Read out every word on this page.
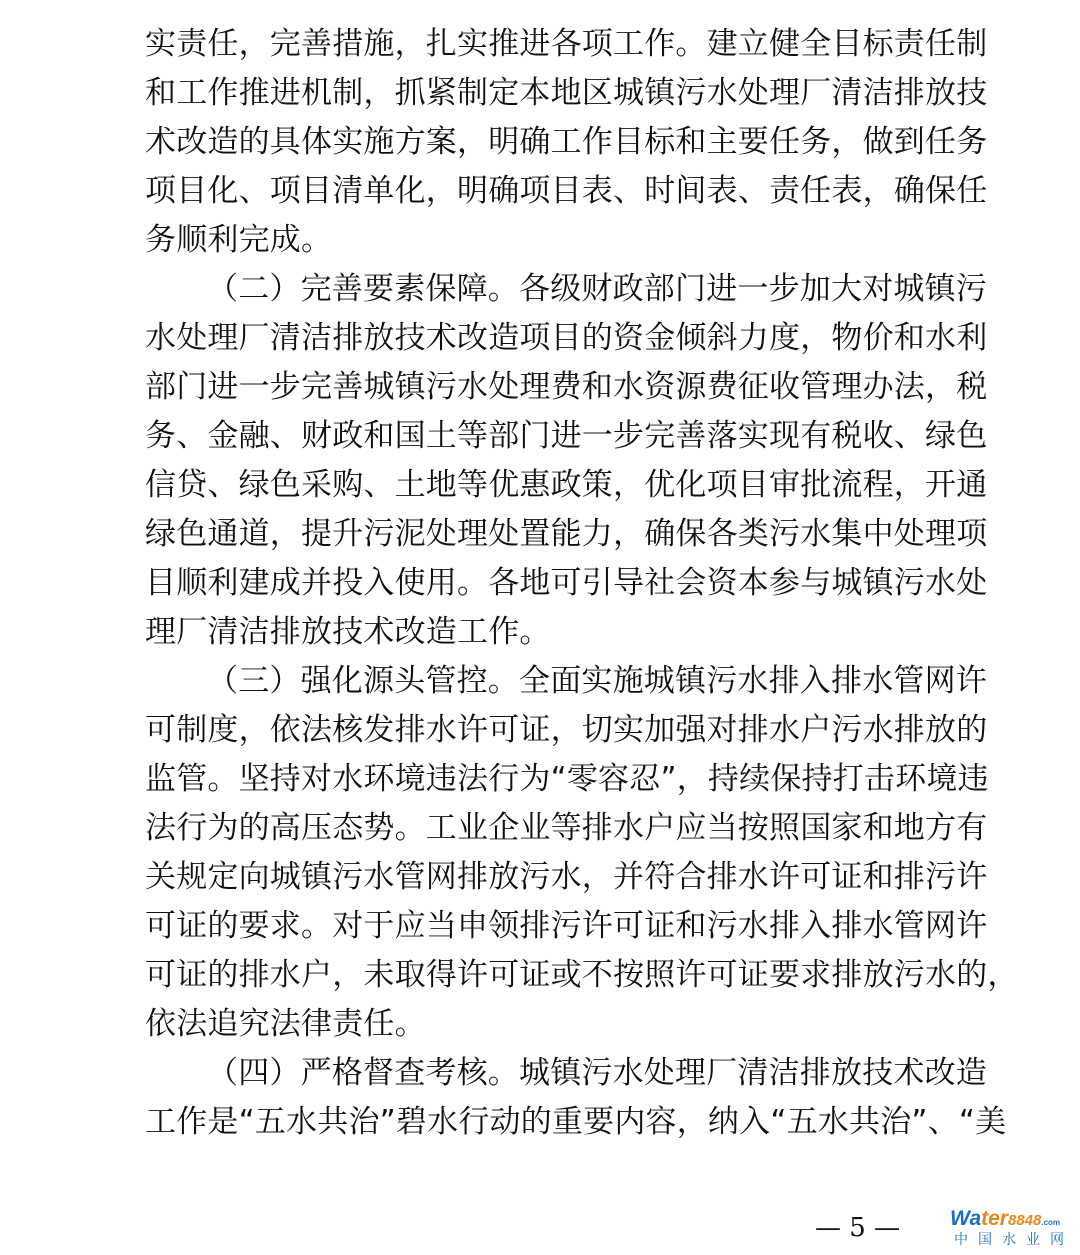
实责任，完善措施，扎实推进各项工作。建立健全目标责任制
和工作推进机制，抓紧制定本地区城镇污水处理厂清洁排放技
术改造的具体实施方案，明确工作目标和主要任务，做到任务
项目化、项目清单化，明确项目表、时间表、责任表，确保任
务顺利完成。
（二）完善要素保障。各级财政部门进一步加大对城镇污
水处理厂清洁排放技术改造项目的资金倾斜力度，物价和水利
部门进一步完善城镇污水处理费和水资源费征收管理办法，税
务、金融、财政和国土等部门进一步完善落实现有税收、绿色
信贷、绿色采购、土地等优惠政策，优化项目审批流程，开通
绿色通道，提升污泥处理处置能力，确保各类污水集中处理项
目顺利建成并投入使用。各地可引导社会资本参与城镇污水处
理厂清洁排放技术改造工作。
（三）强化源头管控。全面实施城镇污水排入排水管网许
可制度，依法核发排水许可证，切实加强对排水户污水排放的
监管。坚持对水环境违法行为“零容忍”，持续保持打击环境违
法行为的高压态势。工业企业等排水户应当按照国家和地方有
关规定向城镇污水管网排放污水，并符合排水许可证和排污许
可证的要求。对于应当申领排污许可证和污水排入排水管网许
可证的排水户，未取得许可证或不按照许可证要求排放污水的，
依法追究法律责任。
（四）严格督查考核。城镇污水处理厂清洁排放技术改造
工作是“五水共治”碧水行动的重要内容，纳入“五水共治”、“美
— 5 — Water8848.com
中国水业网
